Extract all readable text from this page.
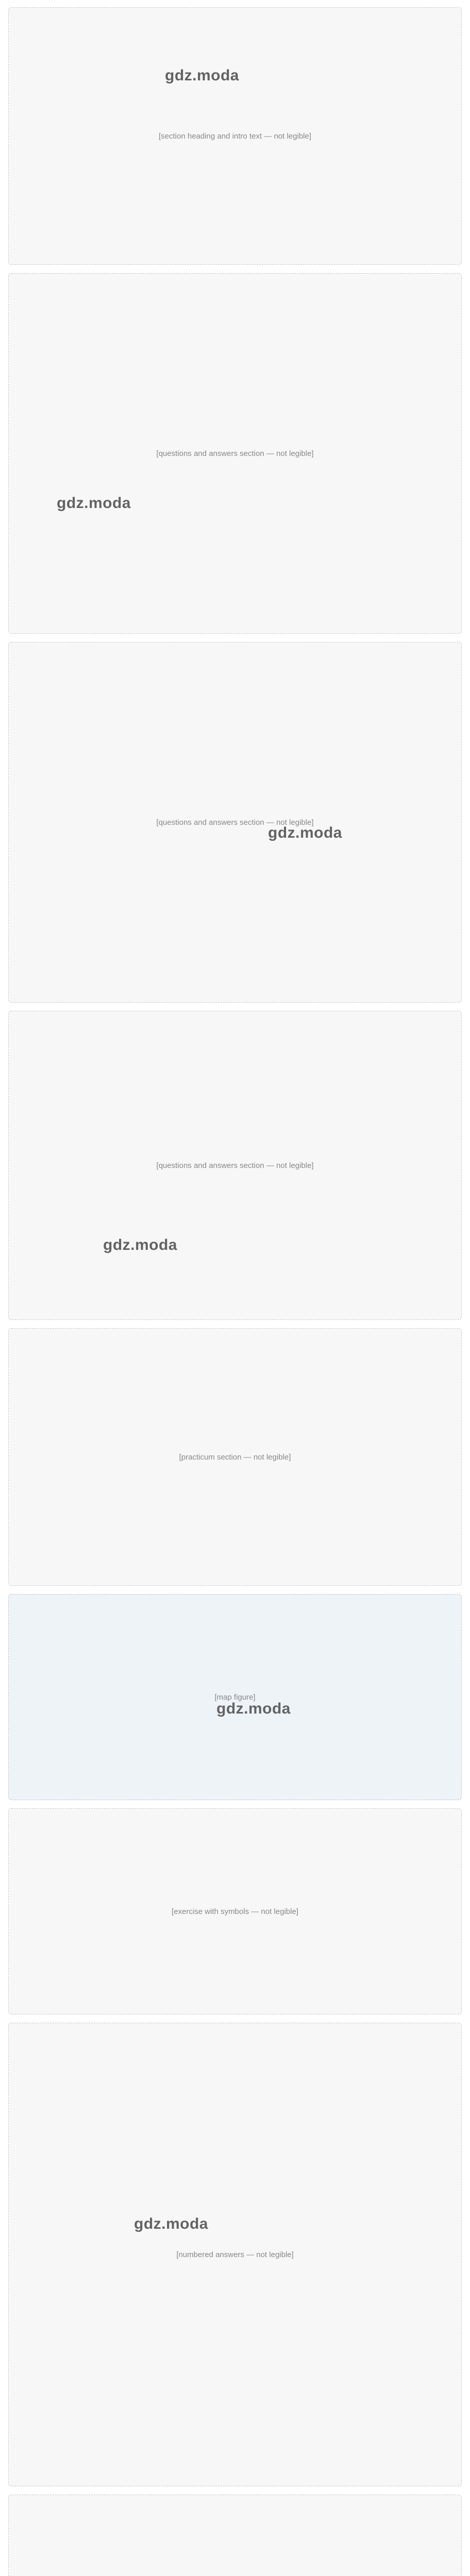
[section heading and intro text — not legible]
[questions and answers section — not legible]
[questions and answers section — not legible]
[questions and answers section — not legible]
[practicum section — not legible]
[map figure]
[exercise with symbols — not legible]
[numbered answers — not legible]
gdz.moda
gdz.moda
gdz.moda
gdz.moda
gdz.moda
gdz.moda
